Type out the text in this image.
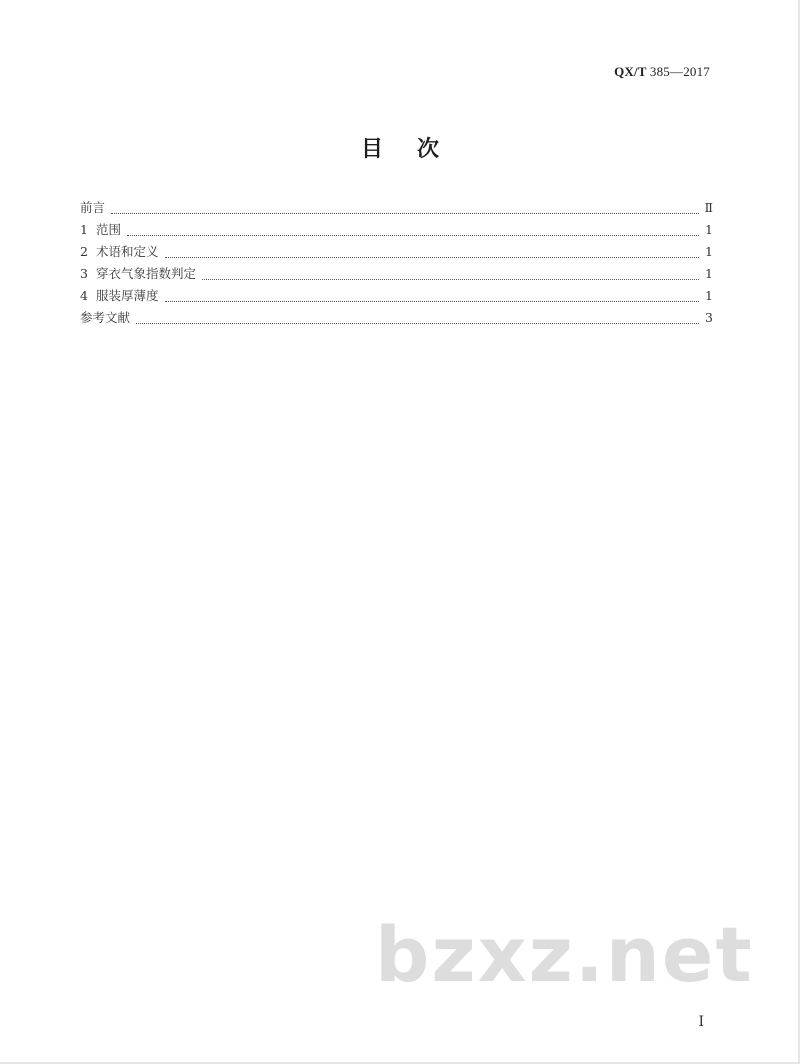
QX/T 385—2017
目次
前言	Ⅱ
1 范围	1
2 术语和定义	1
3 穿衣气象指数判定	1
4 服装厚薄度	1
参考文献	3
bzxz.net
I
